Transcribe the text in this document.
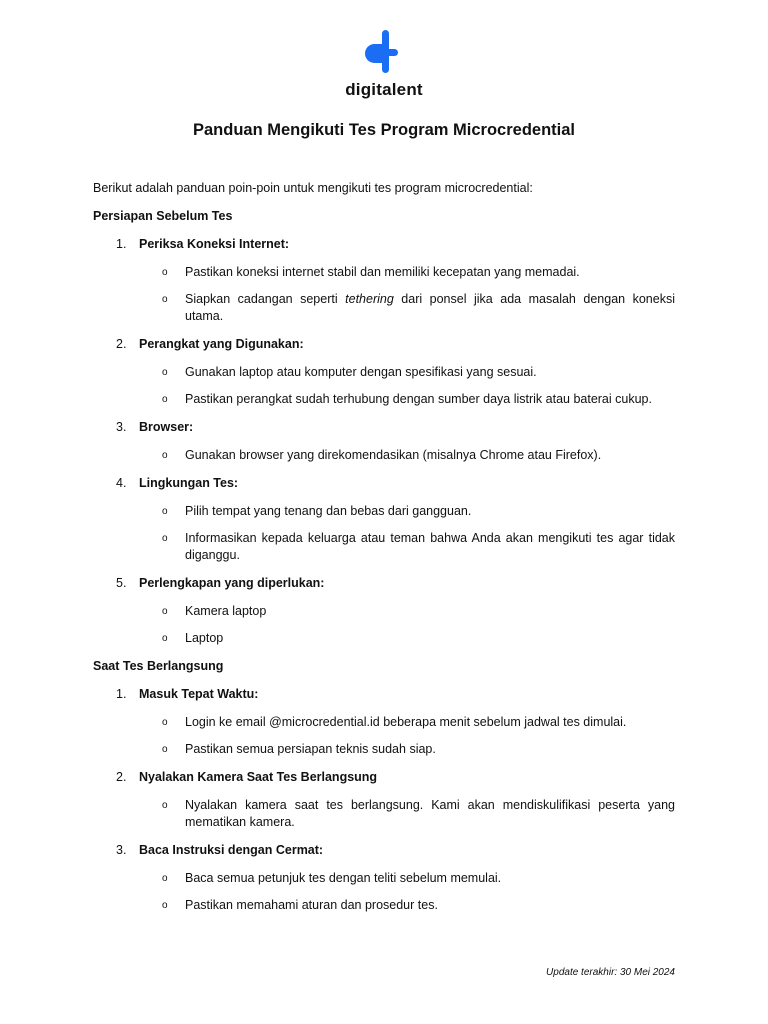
digitalent
Panduan Mengikuti Tes Program Microcredential

Berikut adalah panduan poin-poin untuk mengikuti tes program microcredential:

Persiapan Sebelum Tes

1.	Periksa Koneksi Internet:
o	Pastikan koneksi internet stabil dan memiliki kecepatan yang memadai.
o	Siapkan cadangan seperti tethering dari ponsel jika ada masalah dengan koneksi utama.
2.	Perangkat yang Digunakan:
o	Gunakan laptop atau komputer dengan spesifikasi yang sesuai.
o	Pastikan perangkat sudah terhubung dengan sumber daya listrik atau baterai cukup.
3.	Browser:
o	Gunakan browser yang direkomendasikan (misalnya Chrome atau Firefox).
4.	Lingkungan Tes:
o	Pilih tempat yang tenang dan bebas dari gangguan.
o	Informasikan kepada keluarga atau teman bahwa Anda akan mengikuti tes agar tidak diganggu.
5.	Perlengkapan yang diperlukan:
o	Kamera laptop
o	Laptop

Saat Tes Berlangsung

1.	Masuk Tepat Waktu:
o	Login ke email @microcredential.id beberapa menit sebelum jadwal tes dimulai.
o	Pastikan semua persiapan teknis sudah siap.
2.	Nyalakan Kamera Saat Tes Berlangsung
o	Nyalakan kamera saat tes berlangsung. Kami akan mendiskulifikasi peserta yang mematikan kamera.
3.	Baca Instruksi dengan Cermat:
o	Baca semua petunjuk tes dengan teliti sebelum memulai.
o	Pastikan memahami aturan dan prosedur tes.

Update terakhir: 30 Mei 2024
